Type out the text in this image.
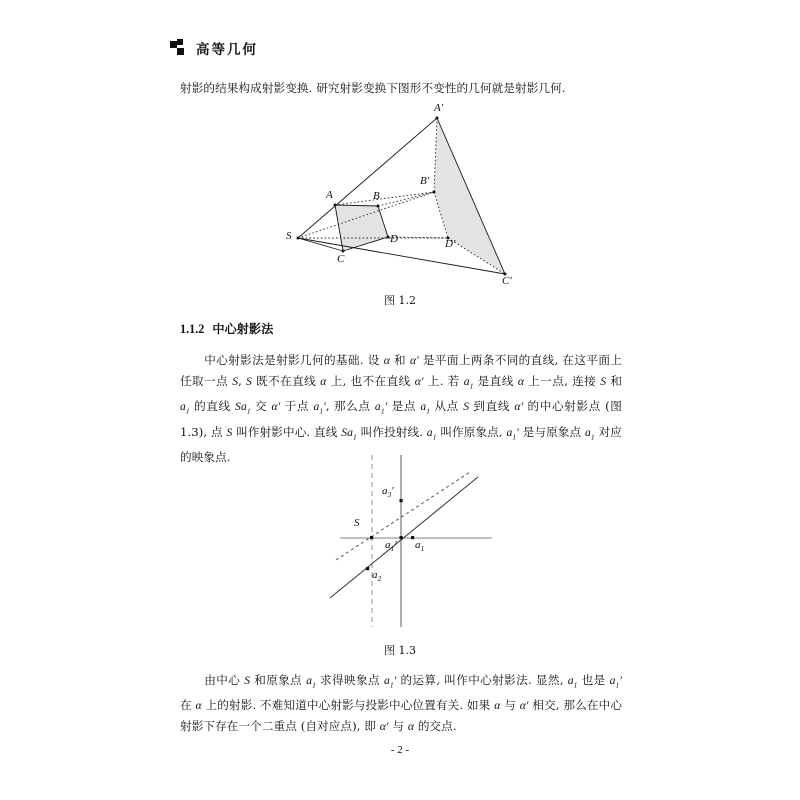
高等几何
射影的结果构成射影变换. 研究射影变换下图形不变性的几何就是射影几何.
S
A	B
C
D
A′
B′
C′
D′
图 1.2
1.1.2 中心射影法
中心射影法是射影几何的基础. 设 α 和 α′ 是平面上两条不同的直线, 在这平面上任取一点 S, S 既不在直线 α 上, 也不在直线 α′ 上. 若 $a_1$ 是直线 α 上一点, 连接 S 和 $a_1$ 的直线 $Sa_1$ 交 α′ 于点 $a_1'$, 那么点 $a_1'$ 是点 $a_1$ 从点 S 到直线 α′ 的中心射影点 (图 1.3), 点 S 叫作射影中心. 直线 $Sa_1$ 叫作投射线. $a_1$ 叫作原象点, $a_1'$ 是与原象点 $a_1$ 对应的映象点.
S
$a_1$
$a_1'$
$a_2$
$a_3'$
图 1.3
由中心 S 和原象点 $a_1$ 求得映象点 $a_1'$ 的运算, 叫作中心射影法. 显然, $a_1$ 也是 $a_1'$ 在 α 上的射影. 不难知道中心射影与投影中心位置有关. 如果 α 与 α′ 相交, 那么在中心射影下存在一个二重点 (自对应点), 即 α′ 与 α 的交点.
- 2 -
